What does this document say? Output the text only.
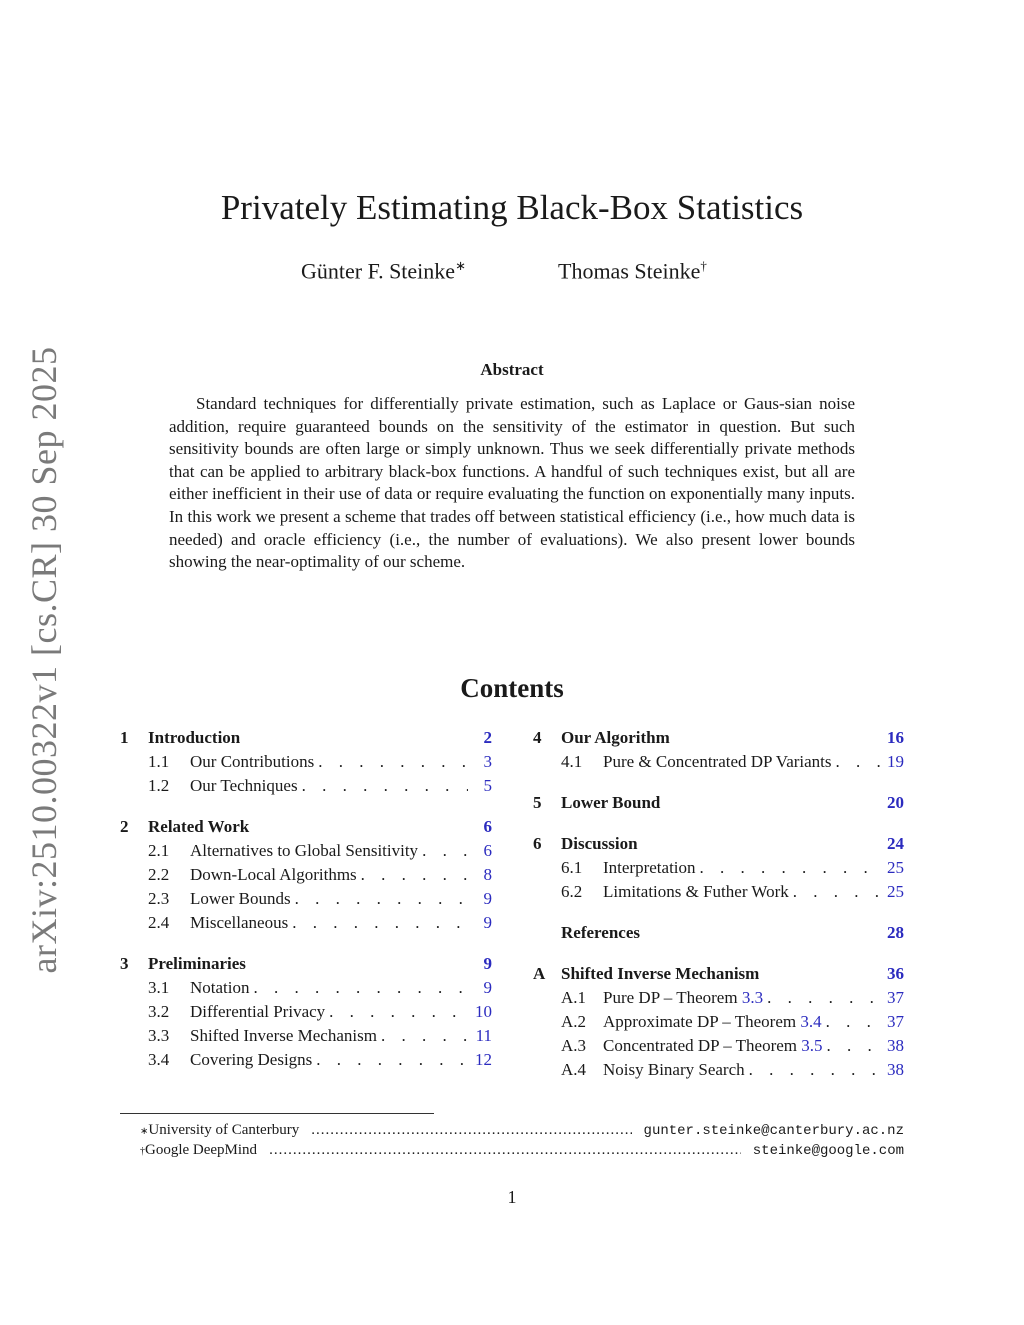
arXiv:2510.00322v1 [cs.CR] 30 Sep 2025
Privately Estimating Black-Box Statistics
Günter F. Steinke∗	Thomas Steinke†
Abstract
Standard techniques for differentially private estimation, such as Laplace or Gaus-sian noise addition, require guaranteed bounds on the sensitivity of the estimator in question. But such sensitivity bounds are often large or simply unknown. Thus we seek differentially private methods that can be applied to arbitrary black-box functions. A handful of such techniques exist, but all are either inefficient in their use of data or require evaluating the function on exponentially many inputs. In this work we present a scheme that trades off between statistical efficiency (i.e., how much data is needed) and oracle efficiency (i.e., the number of evaluations). We also present lower bounds showing the near-optimality of our scheme.
Contents
1	Introduction	2
1.1	Our Contributions . . .	3
1.2	Our Techniques . . .	5
2	Related Work	6
2.1	Alternatives to Global Sensitivity . . .	6
2.2	Down-Local Algorithms . . .	8
2.3	Lower Bounds . . .	9
2.4	Miscellaneous . . .	9
3	Preliminaries	9
3.1	Notation . . .	9
3.2	Differential Privacy . . .	10
3.3	Shifted Inverse Mechanism . . .	11
3.4	Covering Designs . . .	12
4	Our Algorithm	16
4.1	Pure & Concentrated DP Variants . . .	19
5	Lower Bound	20
6	Discussion	24
6.1	Interpretation . . .	25
6.2	Limitations & Futher Work . . .	25
References	28
A Shifted Inverse Mechanism	36
A.1 Pure DP – Theorem 3.3 . . .	37
A.2 Approximate DP – Theorem 3.4 . . .	37
A.3 Concentrated DP – Theorem 3.5 . . .	38
A.4 Noisy Binary Search . . .	38
∗ University of Canterbury .....	gunter.steinke@canterbury.ac.nz
† Google DeepMind .....	steinke@google.com
1
